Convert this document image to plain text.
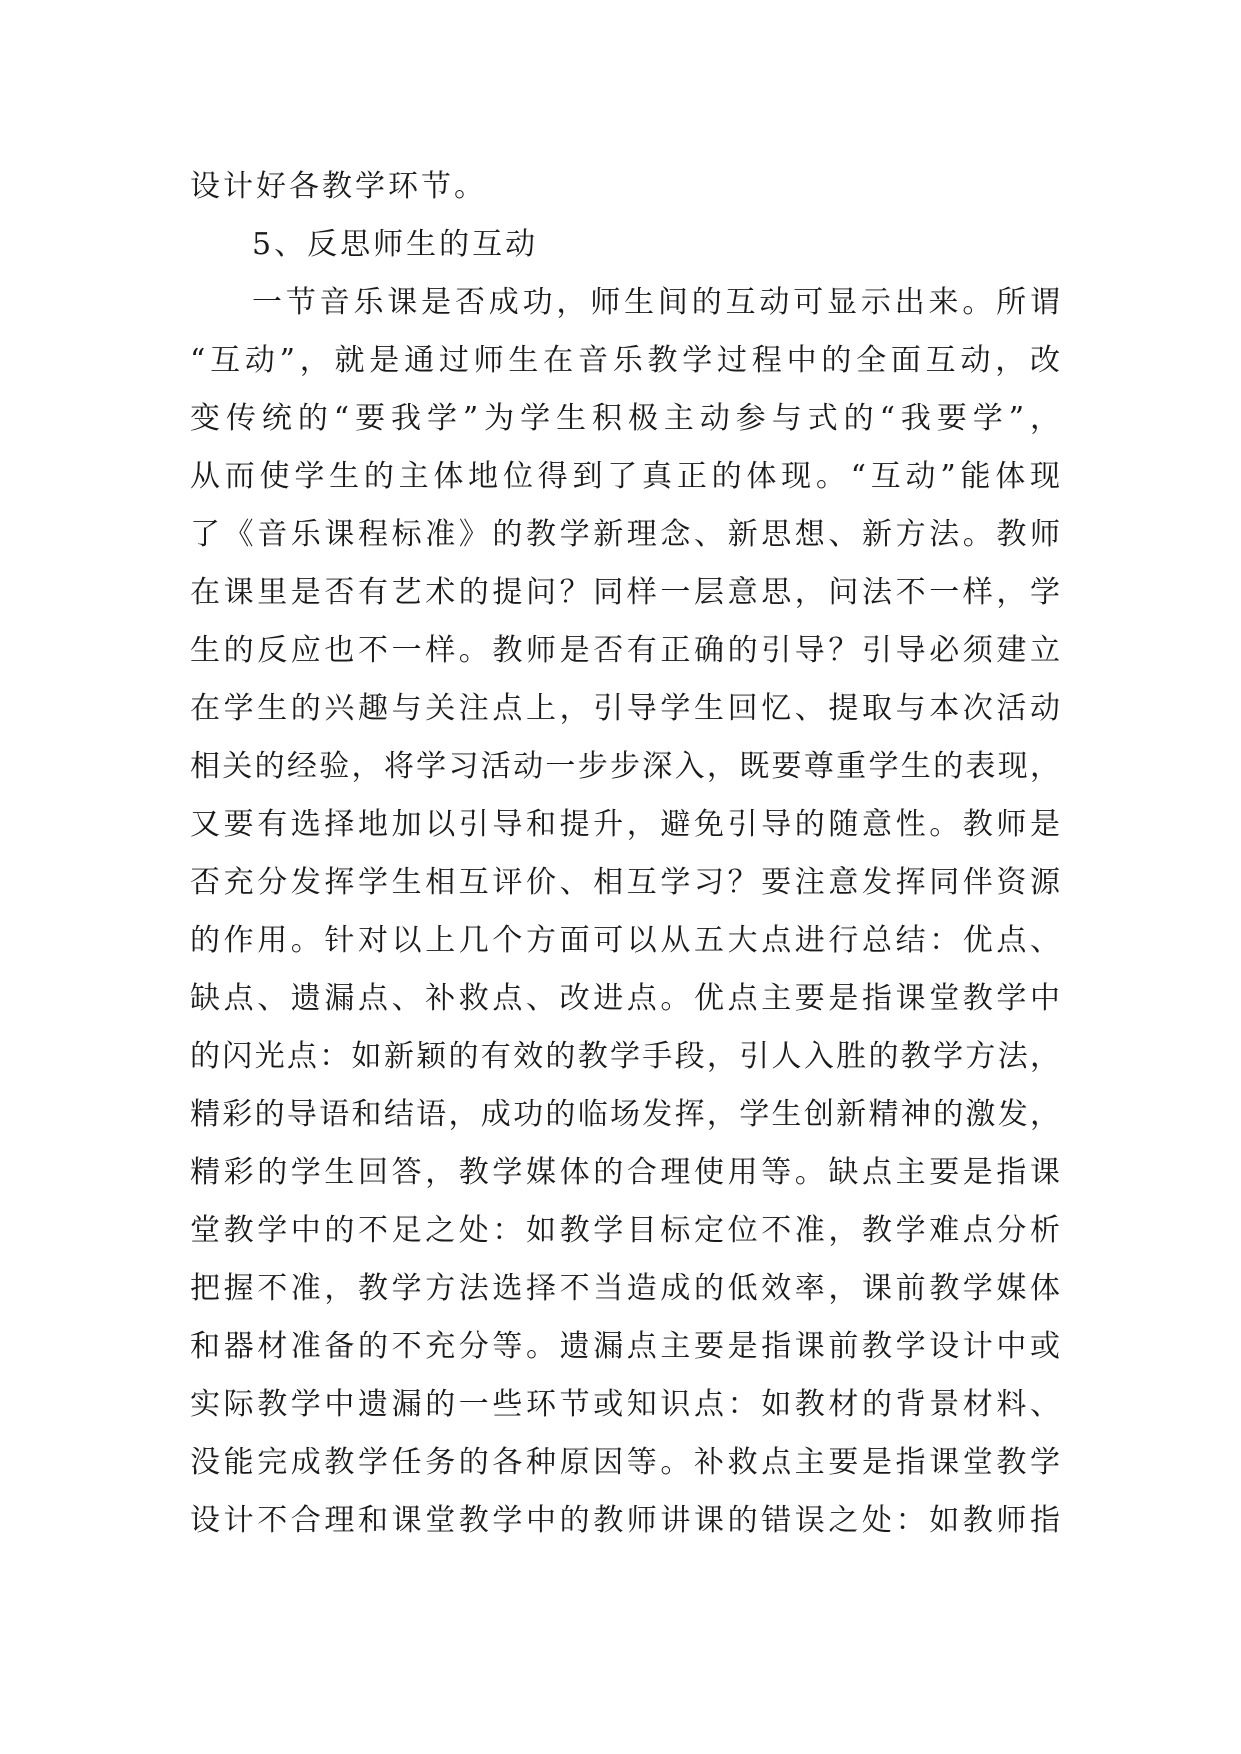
设计好各教学环节。
5、反思师生的互动
一节音乐课是否成功，师生间的互动可显示出来。所谓
“互动”，就是通过师生在音乐教学过程中的全面互动，改
变传统的“要我学”为学生积极主动参与式的“我要学”，
从而使学生的主体地位得到了真正的体现。“互动”能体现
了《音乐课程标准》的教学新理念、新思想、新方法。教师
在课里是否有艺术的提问？同样一层意思，问法不一样，学
生的反应也不一样。教师是否有正确的引导？引导必须建立
在学生的兴趣与关注点上，引导学生回忆、提取与本次活动
相关的经验，将学习活动一步步深入，既要尊重学生的表现，
又要有选择地加以引导和提升，避免引导的随意性。教师是
否充分发挥学生相互评价、相互学习？要注意发挥同伴资源
的作用。针对以上几个方面可以从五大点进行总结：优点、
缺点、遗漏点、补救点、改进点。优点主要是指课堂教学中
的闪光点：如新颖的有效的教学手段，引人入胜的教学方法，
精彩的导语和结语，成功的临场发挥，学生创新精神的激发，
精彩的学生回答，教学媒体的合理使用等。缺点主要是指课
堂教学中的不足之处：如教学目标定位不准，教学难点分析
把握不准，教学方法选择不当造成的低效率，课前教学媒体
和器材准备的不充分等。遗漏点主要是指课前教学设计中或
实际教学中遗漏的一些环节或知识点：如教材的背景材料、
没能完成教学任务的各种原因等。补救点主要是指课堂教学
设计不合理和课堂教学中的教师讲课的错误之处：如教师指
